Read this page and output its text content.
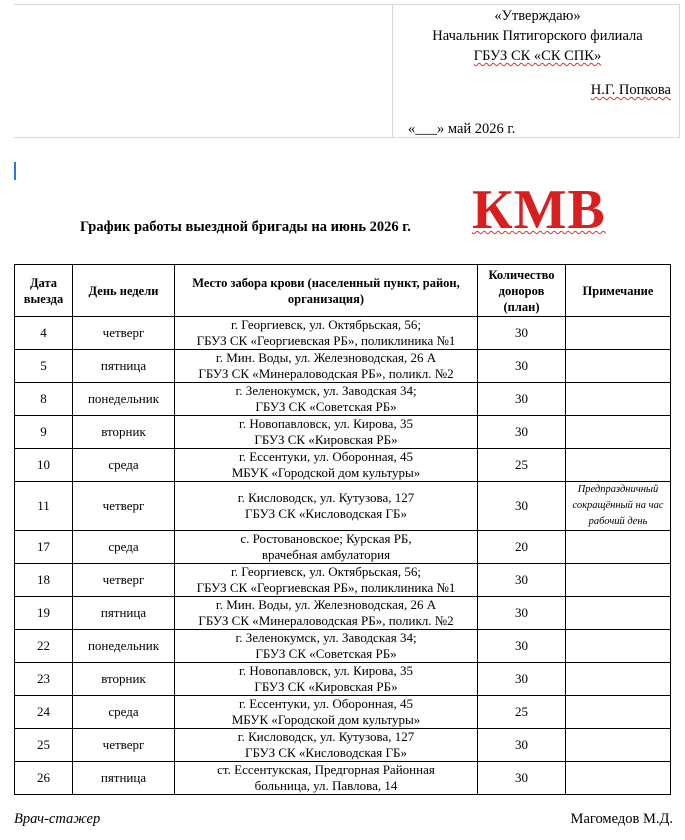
«Утверждаю»
Начальник Пятигорского филиала
ГБУЗ СК «СК СПК»
Н.Г. Попкова
«___» май 2026 г.
График работы выездной бригады на июнь 2026 г. КМВ
Дата выезда	День недели	Место забора крови (населенный пункт, район, организация)	Количество доноров (план)	Примечание
4	четверг	г. Георгиевск, ул. Октябрьская, 56;
ГБУЗ СК «Георгиевская РБ», поликлиника №1	30	
5	пятница	г. Мин. Воды, ул. Железноводская, 26 А
ГБУЗ СК «Минераловодская РБ», поликл. №2	30	
8	понедельник	г. Зеленокумск, ул. Заводская 34;
ГБУЗ СК «Советская РБ»	30	
9	вторник	г. Новопавловск, ул. Кирова, 35
ГБУЗ СК «Кировская РБ»	30	
10	среда	г. Ессентуки, ул. Оборонная, 45
МБУК «Городской дом культуры»	25	
11	четверг	г. Кисловодск, ул. Кутузова, 127
ГБУЗ СК «Кисловодская ГБ»	30	Предпраздничный сокращённый на час рабочий день
17	среда	с. Ростовановское; Курская РБ,
врачебная амбулатория	20	
18	четверг	г. Георгиевск, ул. Октябрьская, 56;
ГБУЗ СК «Георгиевская РБ», поликлиника №1	30	
19	пятница	г. Мин. Воды, ул. Железноводская, 26 А
ГБУЗ СК «Минераловодская РБ», поликл. №2	30	
22	понедельник	г. Зеленокумск, ул. Заводская 34;
ГБУЗ СК «Советская РБ»	30	
23	вторник	г. Новопавловск, ул. Кирова, 35
ГБУЗ СК «Кировская РБ»	30	
24	среда	г. Ессентуки, ул. Оборонная, 45
МБУК «Городской дом культуры»	25	
25	четверг	г. Кисловодск, ул. Кутузова, 127
ГБУЗ СК «Кисловодская ГБ»	30	
26	пятница	ст. Ессентукская, Предгорная Районная
больница, ул. Павлова, 14	30	
Врач-стажер	Магомедов М.Д.
